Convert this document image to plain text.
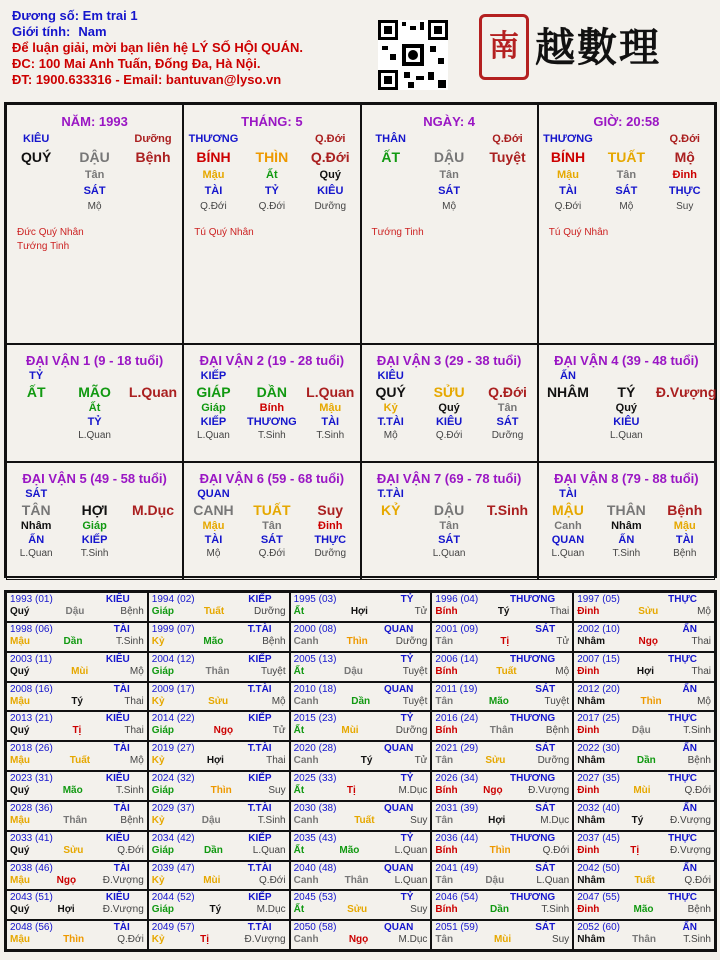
Đương số: Em trai 1
Giới tính: Nam
Để luận giải, mời bạn liên hệ LÝ SỐ HỘI QUÁN.
ĐC: 100 Mai Anh Tuấn, Đống Đa, Hà Nội.
ĐT: 1900.633316 - Email: bantuvan@lyso.vn
南 越數理
NĂM: 1993
KIÊU	Dưỡng
QUÝ	DẬU	Bệnh
Tân
SÁT
Mộ
Đức Quý Nhân
Tướng Tinh
THÁNG: 5
THƯƠNG	Q.Đới
BÍNH	THÌN	Q.Đới
Mậu	Ất	Quý
TÀI	TỶ	KIÊU
Q.Đới	Q.Đới	Dưỡng
Tú Quý Nhân
NGÀY: 4
THÂN	Q.Đới
ẤT	DẬU	Tuyệt
Tân
SÁT
Mộ
Tướng Tinh
GIỜ: 20:58
THƯƠNG	Q.Đới
BÍNH	TUẤT	Mộ
Mậu	Tân	Đinh
TÀI	SÁT	THỰC
Q.Đới	Mộ	Suy
Tú Quý Nhân
ĐẠI VẬN 1 (9 - 18 tuổi)
TỶ
ẤT	MÃO	L.Quan
Ất
TỶ
L.Quan
ĐẠI VẬN 2 (19 - 28 tuổi)
KIẾP
GIÁP	DẦN	L.Quan
Giáp	Bính	Mậu
KIẾP	THƯƠNG	TÀI
L.Quan	T.Sinh	T.Sinh
ĐẠI VẬN 3 (29 - 38 tuổi)
KIÊU
QUÝ	SỬU	Q.Đới
Kỷ	Quý	Tân
T.TÀI	KIÊU	SÁT
Mộ	Q.Đới	Dưỡng
ĐẠI VẬN 4 (39 - 48 tuổi)
ẤN
NHÂM	TÝ	Đ.Vượng
Quý
KIÊU
L.Quan
ĐẠI VẬN 5 (49 - 58 tuổi)
SÁT
TÂN	HỢI	M.Dục
Nhâm	Giáp
ẤN	KIẾP
L.Quan	T.Sinh
ĐẠI VẬN 6 (59 - 68 tuổi)
QUAN
CANH	TUẤT	Suy
Mậu	Tân	Đinh
TÀI	SÁT	THỰC
Mộ	Q.Đới	Dưỡng
ĐẠI VẬN 7 (69 - 78 tuổi)
T.TÀI
KỶ	DẬU	T.Sinh
Tân
SÁT
L.Quan
ĐẠI VẬN 8 (79 - 88 tuổi)
TÀI
MẬU	THÂN	Bệnh
Canh	Nhâm	Mậu
QUAN	ẤN	TÀI
L.Quan	T.Sinh	Bệnh
1993 (01)	KIÊU
Quý	Dậu	Bệnh
1994 (02)	KIẾP
Giáp	Tuất	Dưỡng
1995 (03)	TỶ
Ất	Hợi	Tử
1996 (04)	THƯƠNG
Bính	Tý	Thai
1997 (05)	THỰC
Đinh	Sửu	Mộ
1998 (06)	TÀI
Mậu	Dần	T.Sinh
1999 (07)	T.TÀI
Kỷ	Mão	Bệnh
2000 (08)	QUAN
Canh	Thìn	Dưỡng
2001 (09)	SÁT
Tân	Tị	Tử
2002 (10)	ẤN
Nhâm	Ngọ	Thai
2003 (11)	KIÊU
Quý	Mùi	Mộ
2004 (12)	KIẾP
Giáp	Thân	Tuyệt
2005 (13)	TỶ
Ất	Dậu	Tuyệt
2006 (14)	THƯƠNG
Bính	Tuất	Mộ
2007 (15)	THỰC
Đinh	Hợi	Thai
2008 (16)	TÀI
Mậu	Tý	Thai
2009 (17)	T.TÀI
Kỷ	Sửu	Mộ
2010 (18)	QUAN
Canh	Dần	Tuyệt
2011 (19)	SÁT
Tân	Mão	Tuyệt
2012 (20)	ẤN
Nhâm	Thìn	Mộ
2013 (21)	KIÊU
Quý	Tị	Thai
2014 (22)	KIẾP
Giáp	Ngọ	Tử
2015 (23)	TỶ
Ất	Mùi	Dưỡng
2016 (24)	THƯƠNG
Bính	Thân	Bệnh
2017 (25)	THỰC
Đinh	Dậu	T.Sinh
2018 (26)	TÀI
Mậu	Tuất	Mộ
2019 (27)	T.TÀI
Kỷ	Hợi	Thai
2020 (28)	QUAN
Canh	Tý	Tử
2021 (29)	SÁT
Tân	Sửu	Dưỡng
2022 (30)	ẤN
Nhâm	Dần	Bệnh
2023 (31)	KIÊU
Quý	Mão	T.Sinh
2024 (32)	KIẾP
Giáp	Thìn	Suy
2025 (33)	TỶ
Ất	Tị	M.Dục
2026 (34)	THƯƠNG
Bính	Ngọ	Đ.Vượng
2027 (35)	THỰC
Đinh	Mùi	Q.Đới
2028 (36)	TÀI
Mậu	Thân	Bệnh
2029 (37)	T.TÀI
Kỷ	Dậu	T.Sinh
2030 (38)	QUAN
Canh	Tuất	Suy
2031 (39)	SÁT
Tân	Hợi	M.Dục
2032 (40)	ẤN
Nhâm	Tý	Đ.Vượng
2033 (41)	KIÊU
Quý	Sửu	Q.Đới
2034 (42)	KIẾP
Giáp	Dần	L.Quan
2035 (43)	TỶ
Ất	Mão	L.Quan
2036 (44)	THƯƠNG
Bính	Thìn	Q.Đới
2037 (45)	THỰC
Đinh	Tị	Đ.Vượng
2038 (46)	TÀI
Mậu	Ngọ	Đ.Vượng
2039 (47)	T.TÀI
Kỷ	Mùi	Q.Đới
2040 (48)	QUAN
Canh	Thân	L.Quan
2041 (49)	SÁT
Tân	Dậu	L.Quan
2042 (50)	ẤN
Nhâm	Tuất	Q.Đới
2043 (51)	KIÊU
Quý	Hợi	Đ.Vượng
2044 (52)	KIẾP
Giáp	Tý	M.Dục
2045 (53)	TỶ
Ất	Sửu	Suy
2046 (54)	THƯƠNG
Bính	Dần	T.Sinh
2047 (55)	THỰC
Đinh	Mão	Bệnh
2048 (56)	TÀI
Mậu	Thìn	Q.Đới
2049 (57)	T.TÀI
Kỷ	Tị	Đ.Vượng
2050 (58)	QUAN
Canh	Ngọ	M.Dục
2051 (59)	SÁT
Tân	Mùi	Suy
2052 (60)	ẤN
Nhâm	Thân	T.Sinh
